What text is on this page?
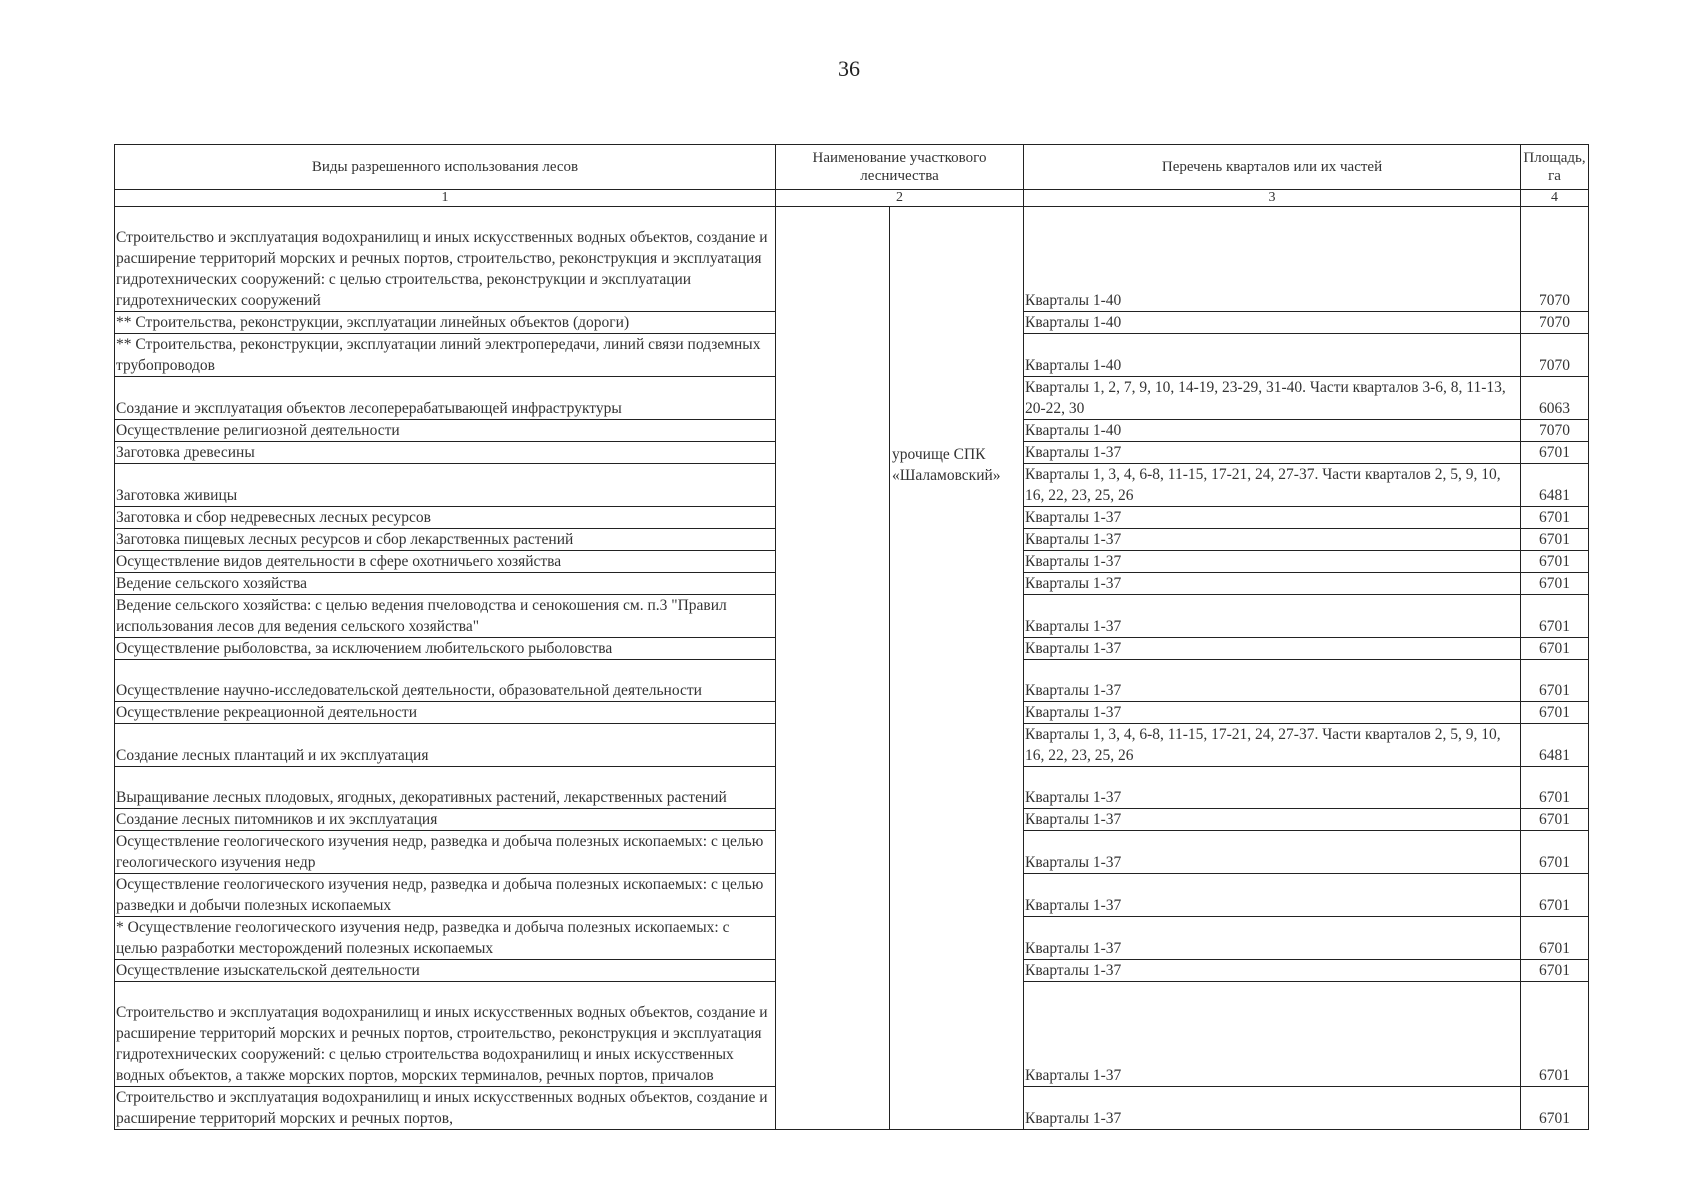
36
Виды разрешенного использования лесов	Наименование участкового лесничества	Перечень кварталов или их частей	Площадь, га
1	2	3	4
Строительство и эксплуатация водохранилищ и иных искусственных водных объектов, создание и расширение территорий морских и речных портов, строительство, реконструкция и эксплуатация гидротехнических сооружений: с целью строительства, реконструкции и эксплуатации гидротехнических сооружений	урочище СПК «Шаламовский»	Кварталы 1-40	7070
** Строительства, реконструкции, эксплуатации линейных объектов (дороги)		Кварталы 1-40	7070
** Строительства, реконструкции, эксплуатации линий электропередачи, линий связи подземных трубопроводов		Кварталы 1-40	7070
Создание и эксплуатация объектов лесоперерабатывающей инфраструктуры		Кварталы 1, 2, 7, 9, 10, 14-19, 23-29, 31-40. Части кварталов 3-6, 8, 11-13, 20-22, 30	6063
Осуществление религиозной деятельности		Кварталы 1-40	7070
Заготовка древесины		Кварталы 1-37	6701
Заготовка живицы		Кварталы 1, 3, 4, 6-8, 11-15, 17-21, 24, 27-37. Части кварталов 2, 5, 9, 10, 16, 22, 23, 25, 26	6481
Заготовка и сбор недревесных лесных ресурсов		Кварталы 1-37	6701
Заготовка пищевых лесных ресурсов и сбор лекарственных растений		Кварталы 1-37	6701
Осуществление видов деятельности в сфере охотничьего хозяйства		Кварталы 1-37	6701
Ведение сельского хозяйства		Кварталы 1-37	6701
Ведение сельского хозяйства: с целью ведения пчеловодства и сенокошения см. п.3 "Правил использования лесов для ведения сельского хозяйства"		Кварталы 1-37	6701
Осуществление рыболовства, за исключением любительского рыболовства		Кварталы 1-37	6701
Осуществление научно-исследовательской деятельности, образовательной деятельности		Кварталы 1-37	6701
Осуществление рекреационной деятельности		Кварталы 1-37	6701
Создание лесных плантаций и их эксплуатация		Кварталы 1, 3, 4, 6-8, 11-15, 17-21, 24, 27-37. Части кварталов 2, 5, 9, 10, 16, 22, 23, 25, 26	6481
Выращивание лесных плодовых, ягодных, декоративных растений, лекарственных растений		Кварталы 1-37	6701
Создание лесных питомников и их эксплуатация		Кварталы 1-37	6701
Осуществление геологического изучения недр, разведка и добыча полезных ископаемых: с целью геологического изучения недр		Кварталы 1-37	6701
Осуществление геологического изучения недр, разведка и добыча полезных ископаемых: с целью разведки и добычи полезных ископаемых		Кварталы 1-37	6701
* Осуществление геологического изучения недр, разведка и добыча полезных ископаемых: с целью разработки месторождений полезных ископаемых		Кварталы 1-37	6701
Осуществление изыскательской деятельности		Кварталы 1-37	6701
Строительство и эксплуатация водохранилищ и иных искусственных водных объектов, создание и расширение территорий морских и речных портов, строительство, реконструкция и эксплуатация гидротехнических сооружений: с целью строительства водохранилищ и иных искусственных водных объектов, а также морских портов, морских терминалов, речных портов, причалов		Кварталы 1-37	6701
Строительство и эксплуатация водохранилищ и иных искусственных водных объектов, создание и расширение территорий морских и речных портов,		Кварталы 1-37	6701
